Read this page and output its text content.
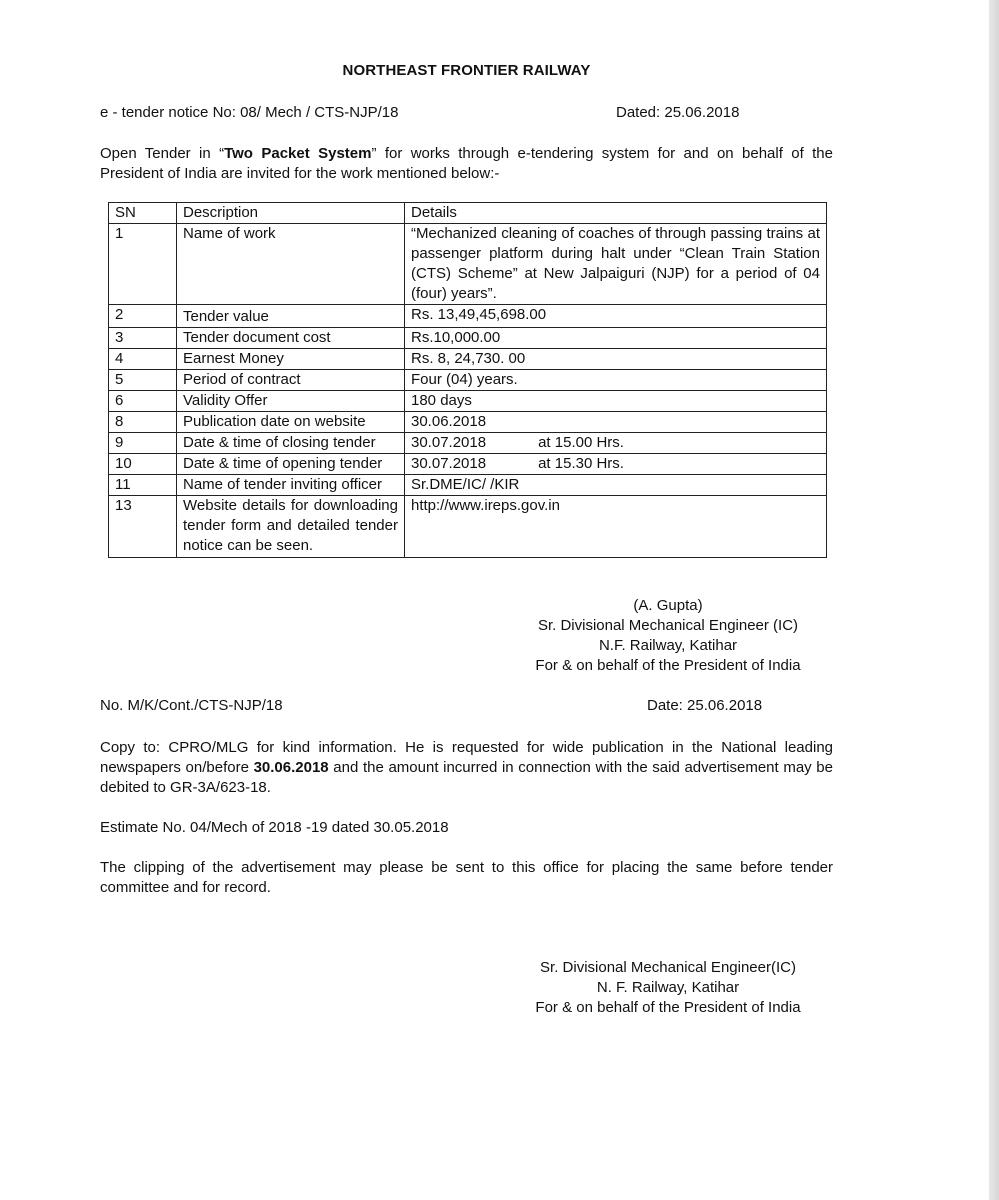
NORTHEAST FRONTIER RAILWAY
e - tender notice No: 08/ Mech / CTS-NJP/18	Dated: 25.06.2018
Open Tender in “Two Packet System” for works through e-tendering system for and on behalf of the President of India are invited for the work mentioned below:-
SN	Description	Details
1	Name of work	“Mechanized cleaning of coaches of through passing trains at passenger platform during halt under “Clean Train Station (CTS) Scheme” at New Jalpaiguri (NJP) for a period of 04 (four) years”.
2	Tender value	Rs. 13,49,45,698.00
3	Tender document cost	Rs.10,000.00
4	Earnest Money	Rs. 8, 24,730. 00
5	Period of contract	Four (04) years.
6	Validity Offer	180 days
8	Publication date on website	30.06.2018
9	Date & time of closing tender	30.07.2018 at 15.00 Hrs.
10	Date & time of opening tender	30.07.2018 at 15.30 Hrs.
11	Name of tender inviting officer	Sr.DME/IC/ /KIR
13	Website details for downloading tender form and detailed tender notice can be seen.	http://www.ireps.gov.in
(A. Gupta)
Sr. Divisional Mechanical Engineer (IC)
N.F. Railway, Katihar
For & on behalf of the President of India
No. M/K/Cont./CTS-NJP/18	Date: 25.06.2018
Copy to: CPRO/MLG for kind information. He is requested for wide publication in the National leading newspapers on/before 30.06.2018 and the amount incurred in connection with the said advertisement may be debited to GR-3A/623-18.
Estimate No. 04/Mech of 2018 -19 dated 30.05.2018
The clipping of the advertisement may please be sent to this office for placing the same before tender committee and for record.
Sr. Divisional Mechanical Engineer(IC)
N. F. Railway, Katihar
For & on behalf of the President of India
